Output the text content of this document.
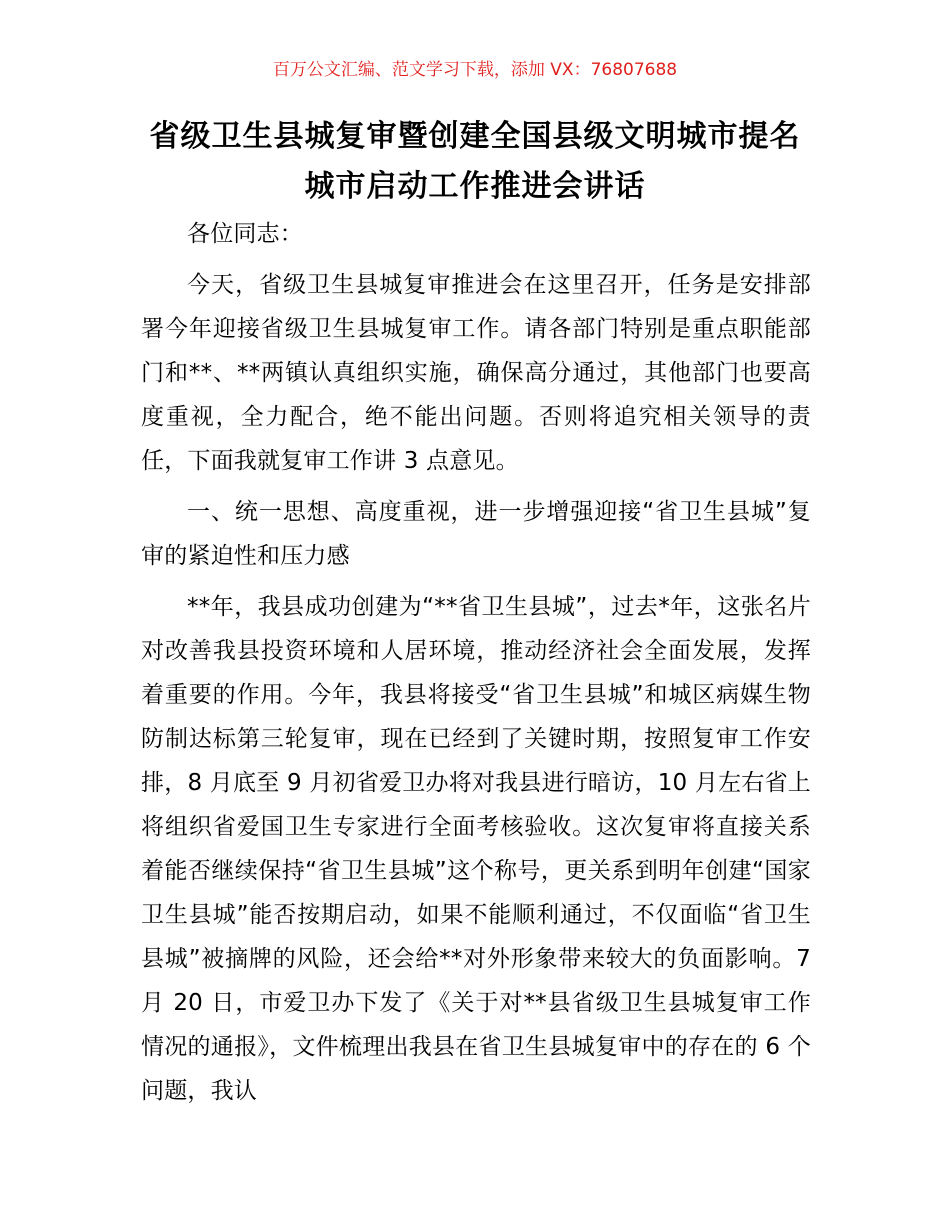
百万公文汇编、范文学习下载，添加 VX：76807688
省级卫生县城复审暨创建全国县级文明城市提名城市启动工作推进会讲话

各位同志：

今天，省级卫生县城复审推进会在这里召开，任务是安排部署今年迎接省级卫生县城复审工作。请各部门特别是重点职能部门和**、**两镇认真组织实施，确保高分通过，其他部门也要高度重视，全力配合，绝不能出问题。否则将追究相关领导的责任，下面我就复审工作讲 3 点意见。

一、统一思想、高度重视，进一步增强迎接“省卫生县城”复审的紧迫性和压力感

**年，我县成功创建为“**省卫生县城”，过去*年，这张名片对改善我县投资环境和人居环境，推动经济社会全面发展，发挥着重要的作用。今年，我县将接受“省卫生县城”和城区病媒生物防制达标第三轮复审，现在已经到了关键时期，按照复审工作安排，8 月底至 9 月初省爱卫办将对我县进行暗访，10 月左右省上将组织省爱国卫生专家进行全面考核验收。这次复审将直接关系着能否继续保持“省卫生县城”这个称号，更关系到明年创建“国家卫生县城”能否按期启动，如果不能顺利通过，不仅面临“省卫生县城”被摘牌的风险，还会给**对外形象带来较大的负面影响。7 月 20 日，市爱卫办下发了《关于对**县省级卫生县城复审工作情况的通报》，文件梳理出我县在省卫生县城复审中的存在的 6 个问题，我认
